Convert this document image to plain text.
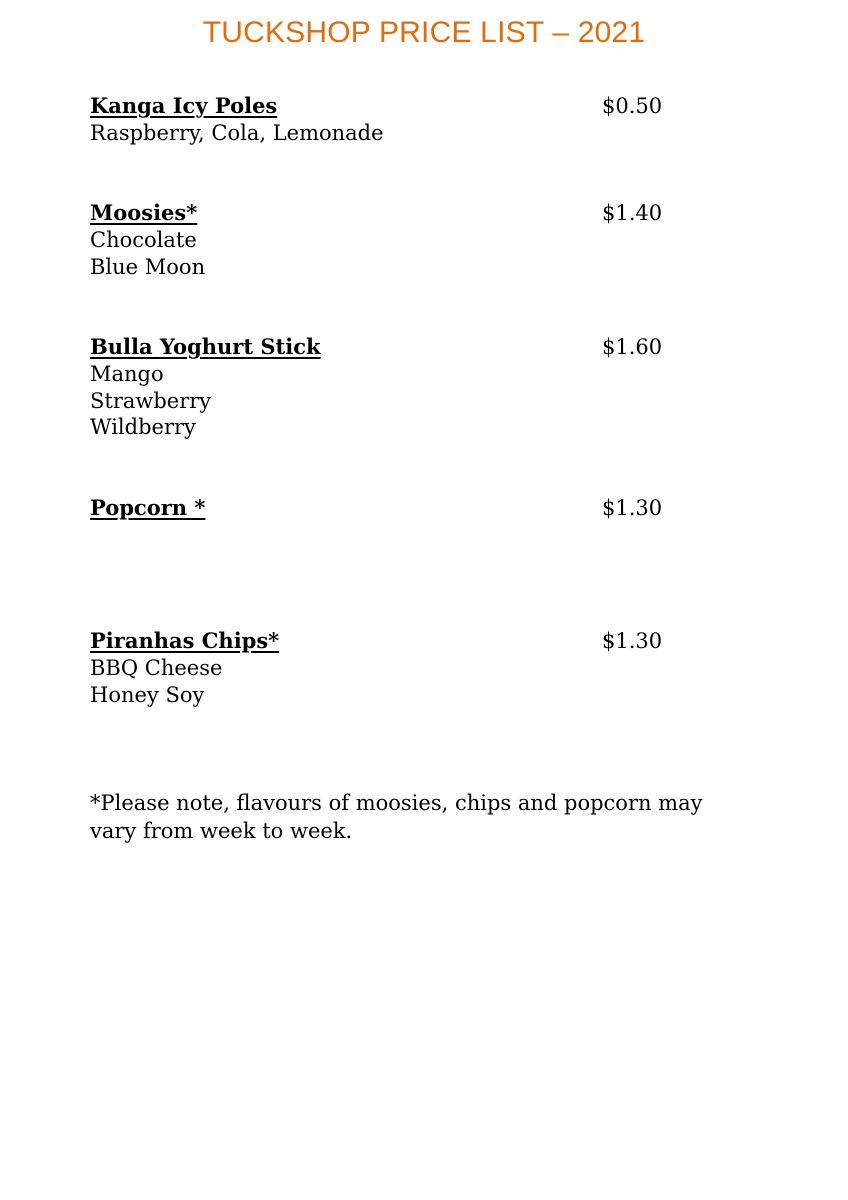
TUCKSHOP PRICE LIST – 2021
Kanga Icy Poles	$0.50
Raspberry, Cola, Lemonade
Moosies*	$1.40
Chocolate
Blue Moon
Bulla Yoghurt Stick	$1.60
Mango
Strawberry
Wildberry
Popcorn *	$1.30
Piranhas Chips*	$1.30
BBQ Cheese
Honey Soy
*Please note, flavours of moosies, chips and popcorn may vary from week to week.
